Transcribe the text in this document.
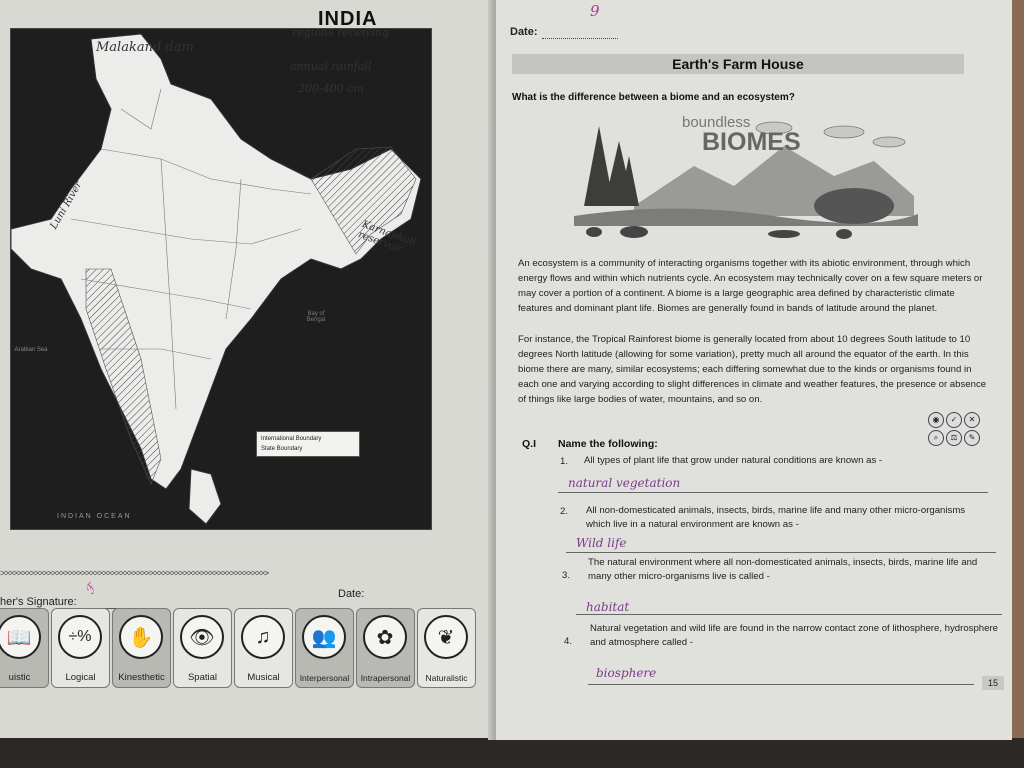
Arabian Sea
Bay of Bengal
INDIAN OCEAN
International Boundary
State Boundary
▲
N
INDIA
Malakand dam
regions receiving
annual rainfall
200-400 cm
Luni River
Karnaphuli reservoir
>>>>>>>>>>>>>>>>>>>>>>>>>>>>>>>>>>>>>>>>>>>>>>>>>>>>>>>>>>>>>>>
her's Signature:
ℱ	Date:
📖
uistic
÷%
Logical
✋
Kinesthetic
👁
Spatial
♫
Musical
👥
Interpersonal
✿
Intrapersonal
❦
Naturalistic
9
Date:
Earth's Farm House
What is the difference between a biome and an ecosystem?
boundless
BIOMES

An ecosystem is a community of interacting organisms together with its abiotic environment, through which energy flows and within which nutrients cycle. An ecosystem may technically cover on a few square meters or may cover a portion of a continent. A biome is a large geographic area defined by characteristic climate features and dominant plant life. Biomes are generally found in bands of latitude around the planet.

For instance, the Tropical Rainforest biome is generally located from about 10 degrees South latitude to 10 degrees North latitude (allowing for some variation), pretty much all around the equator of the earth. In this biome there are many, similar ecosystems; each differing somewhat due to the kinds or organisms found in each one and varying according to slight differences in climate and weather features, the presence or absence of things like large bodies of water, mountains, and so on.

◉	✓	✕
⌕	⚖	✎
Q.I Name the following:
1. All types of plant life that grow under natural conditions are known as -
natural vegetation
2. All non-domesticated animals, insects, birds, marine life and many other micro-organisms which live in a natural environment are known as -
Wild life
3.
The natural environment where all non-domesticated animals, insects, birds, marine life and many other micro-organisms live is called -
habitat
4.
Natural vegetation and wild life are found in the narrow contact zone of lithosphere, hydrosphere and atmosphere called -
biosphere
15
